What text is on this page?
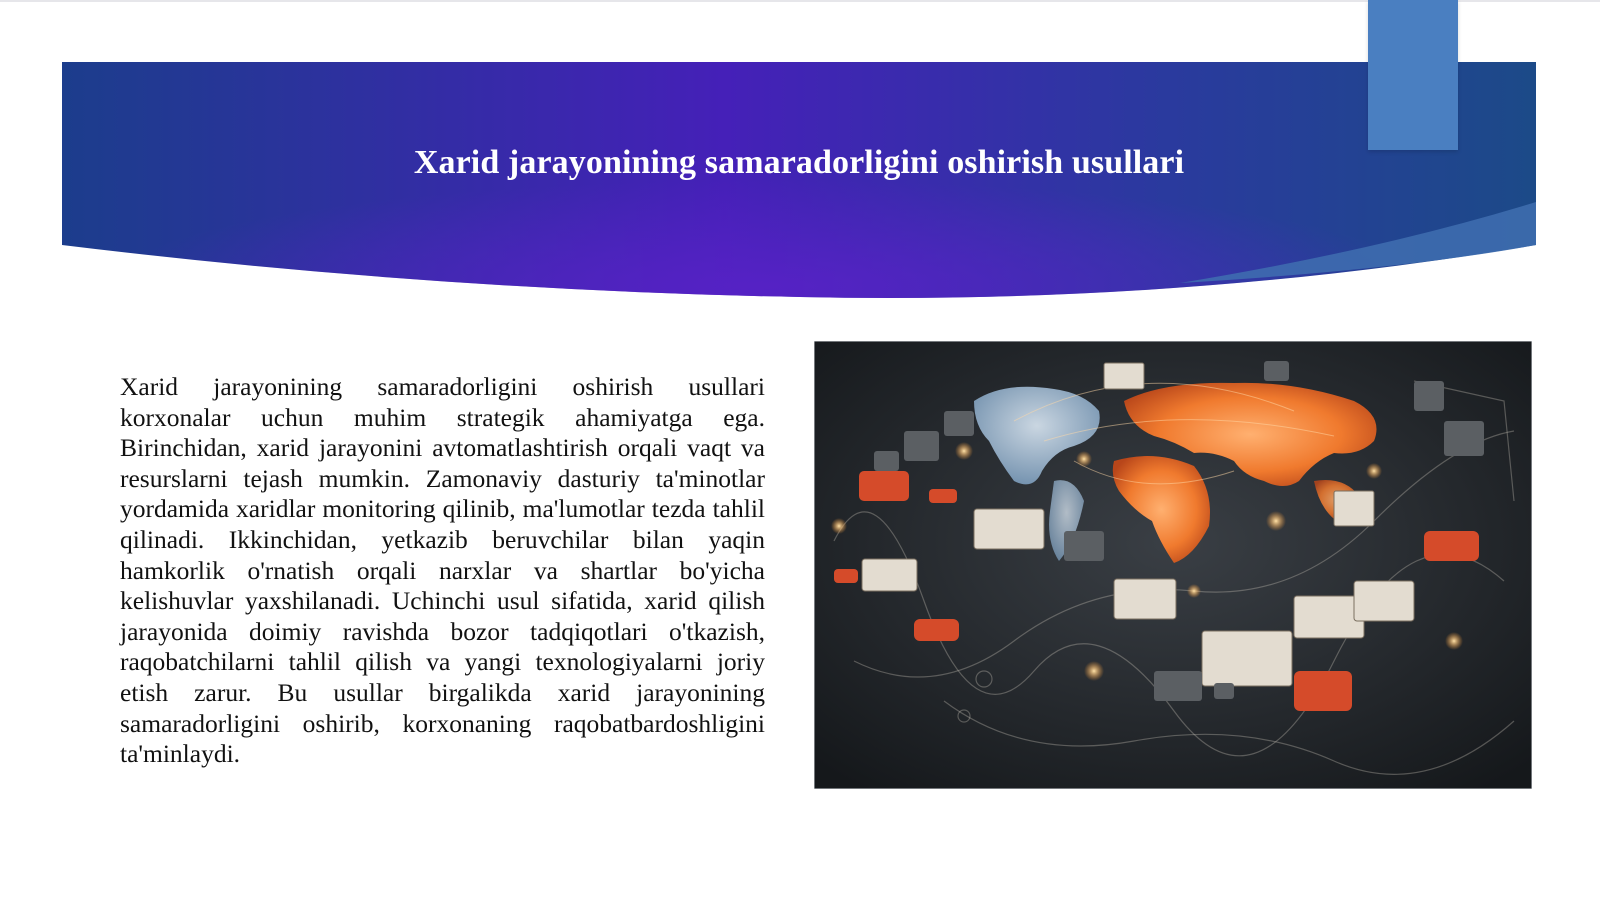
Xarid jarayonining samaradorligini oshirish usullari

Xarid jarayonining samaradorligini oshirish usullari korxonalar uchun muhim strategik ahamiyatga ega. Birinchidan, xarid jarayonini avtomatlashtirish orqali vaqt va resurslarni tejash mumkin. Zamonaviy dasturiy ta'minotlar yordamida xaridlar monitoring qilinib, ma'lumotlar tezda tahlil qilinadi. Ikkinchidan, yetkazib beruvchilar bilan yaqin hamkorlik o'rnatish orqali narxlar va shartlar bo'yicha kelishuvlar yaxshilanadi. Uchinchi usul sifatida, xarid qilish jarayonida doimiy ravishda bozor tadqiqotlari o'tkazish, raqobatchilarni tahlil qilish va yangi texnologiyalarni joriy etish zarur. Bu usullar birgalikda xarid jarayonining samaradorligini oshirib, korxonaning raqobatbardoshligini ta'minlaydi.
